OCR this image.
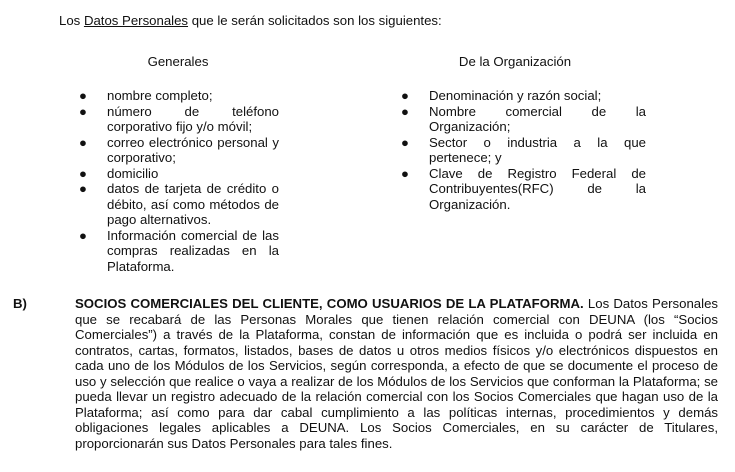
Los Datos Personales que le serán solicitados son los siguientes:
Generales	De la Organización
● nombre completo;
● número de teléfono corporativo fijo y/o móvil;
● correo electrónico personal y corporativo;
● domicilio
● datos de tarjeta de crédito o débito, así como métodos de pago alternativos.
● Información comercial de las compras realizadas en la Plataforma.
● Denominación y razón social;
● Nombre comercial de la Organización;
● Sector o industria a la que pertenece; y
● Clave de Registro Federal de Contribuyentes(RFC) de la Organización.
B)	SOCIOS COMERCIALES DEL CLIENTE, COMO USUARIOS DE LA PLATAFORMA. Los Datos Personales que se recabará de las Personas Morales que tienen relación comercial con DEUNA (los “Socios Comerciales”) a través de la Plataforma, constan de información que es incluida o podrá ser incluida en contratos, cartas, formatos, listados, bases de datos u otros medios físicos y/o electrónicos dispuestos en cada uno de los Módulos de los Servicios, según corresponda, a efecto de que se documente el proceso de uso y selección que realice o vaya a realizar de los Módulos de los Servicios que conforman la Plataforma; se pueda llevar un registro adecuado de la relación comercial con los Socios Comerciales que hagan uso de la Plataforma; así como para dar cabal cumplimiento a las políticas internas, procedimientos y demás obligaciones legales aplicables a DEUNA. Los Socios Comerciales, en su carácter de Titulares, proporcionarán sus Datos Personales para tales fines.
